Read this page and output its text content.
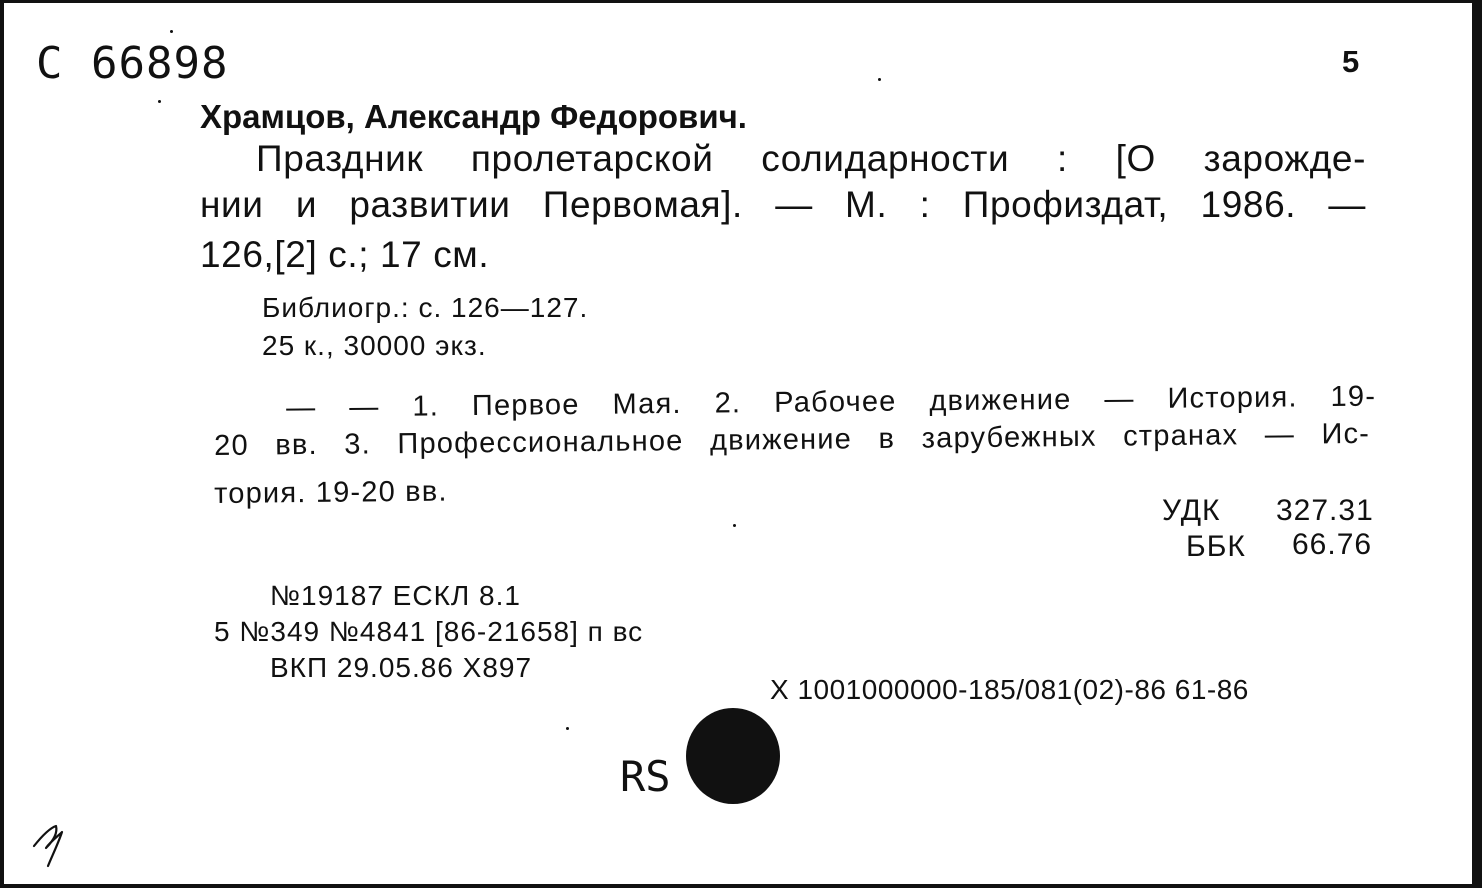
С 66898	5
Храмцов, Александр Федорович.
Праздник пролетарской солидарности : [О зарожде-
нии и развитии Первомая]. — М. : Профиздат, 1986. —
126,[2] с.; 17 см.
Библиогр.: с. 126—127.
25 к., 30000 экз.
— — 1. Первое Мая. 2. Рабочее движение — История. 19-
20 вв. 3. Профессиональное движение в зарубежных странах — Ис-
тория. 19-20 вв.
УДК 327.31
ББК 66.76
№19187 ЕСКЛ 8.1
5 №349 №4841 [86-21658] п вс
ВКП 29.05.86 Х897
Х 1001000000-185/081(02)-86 61-86
RS
